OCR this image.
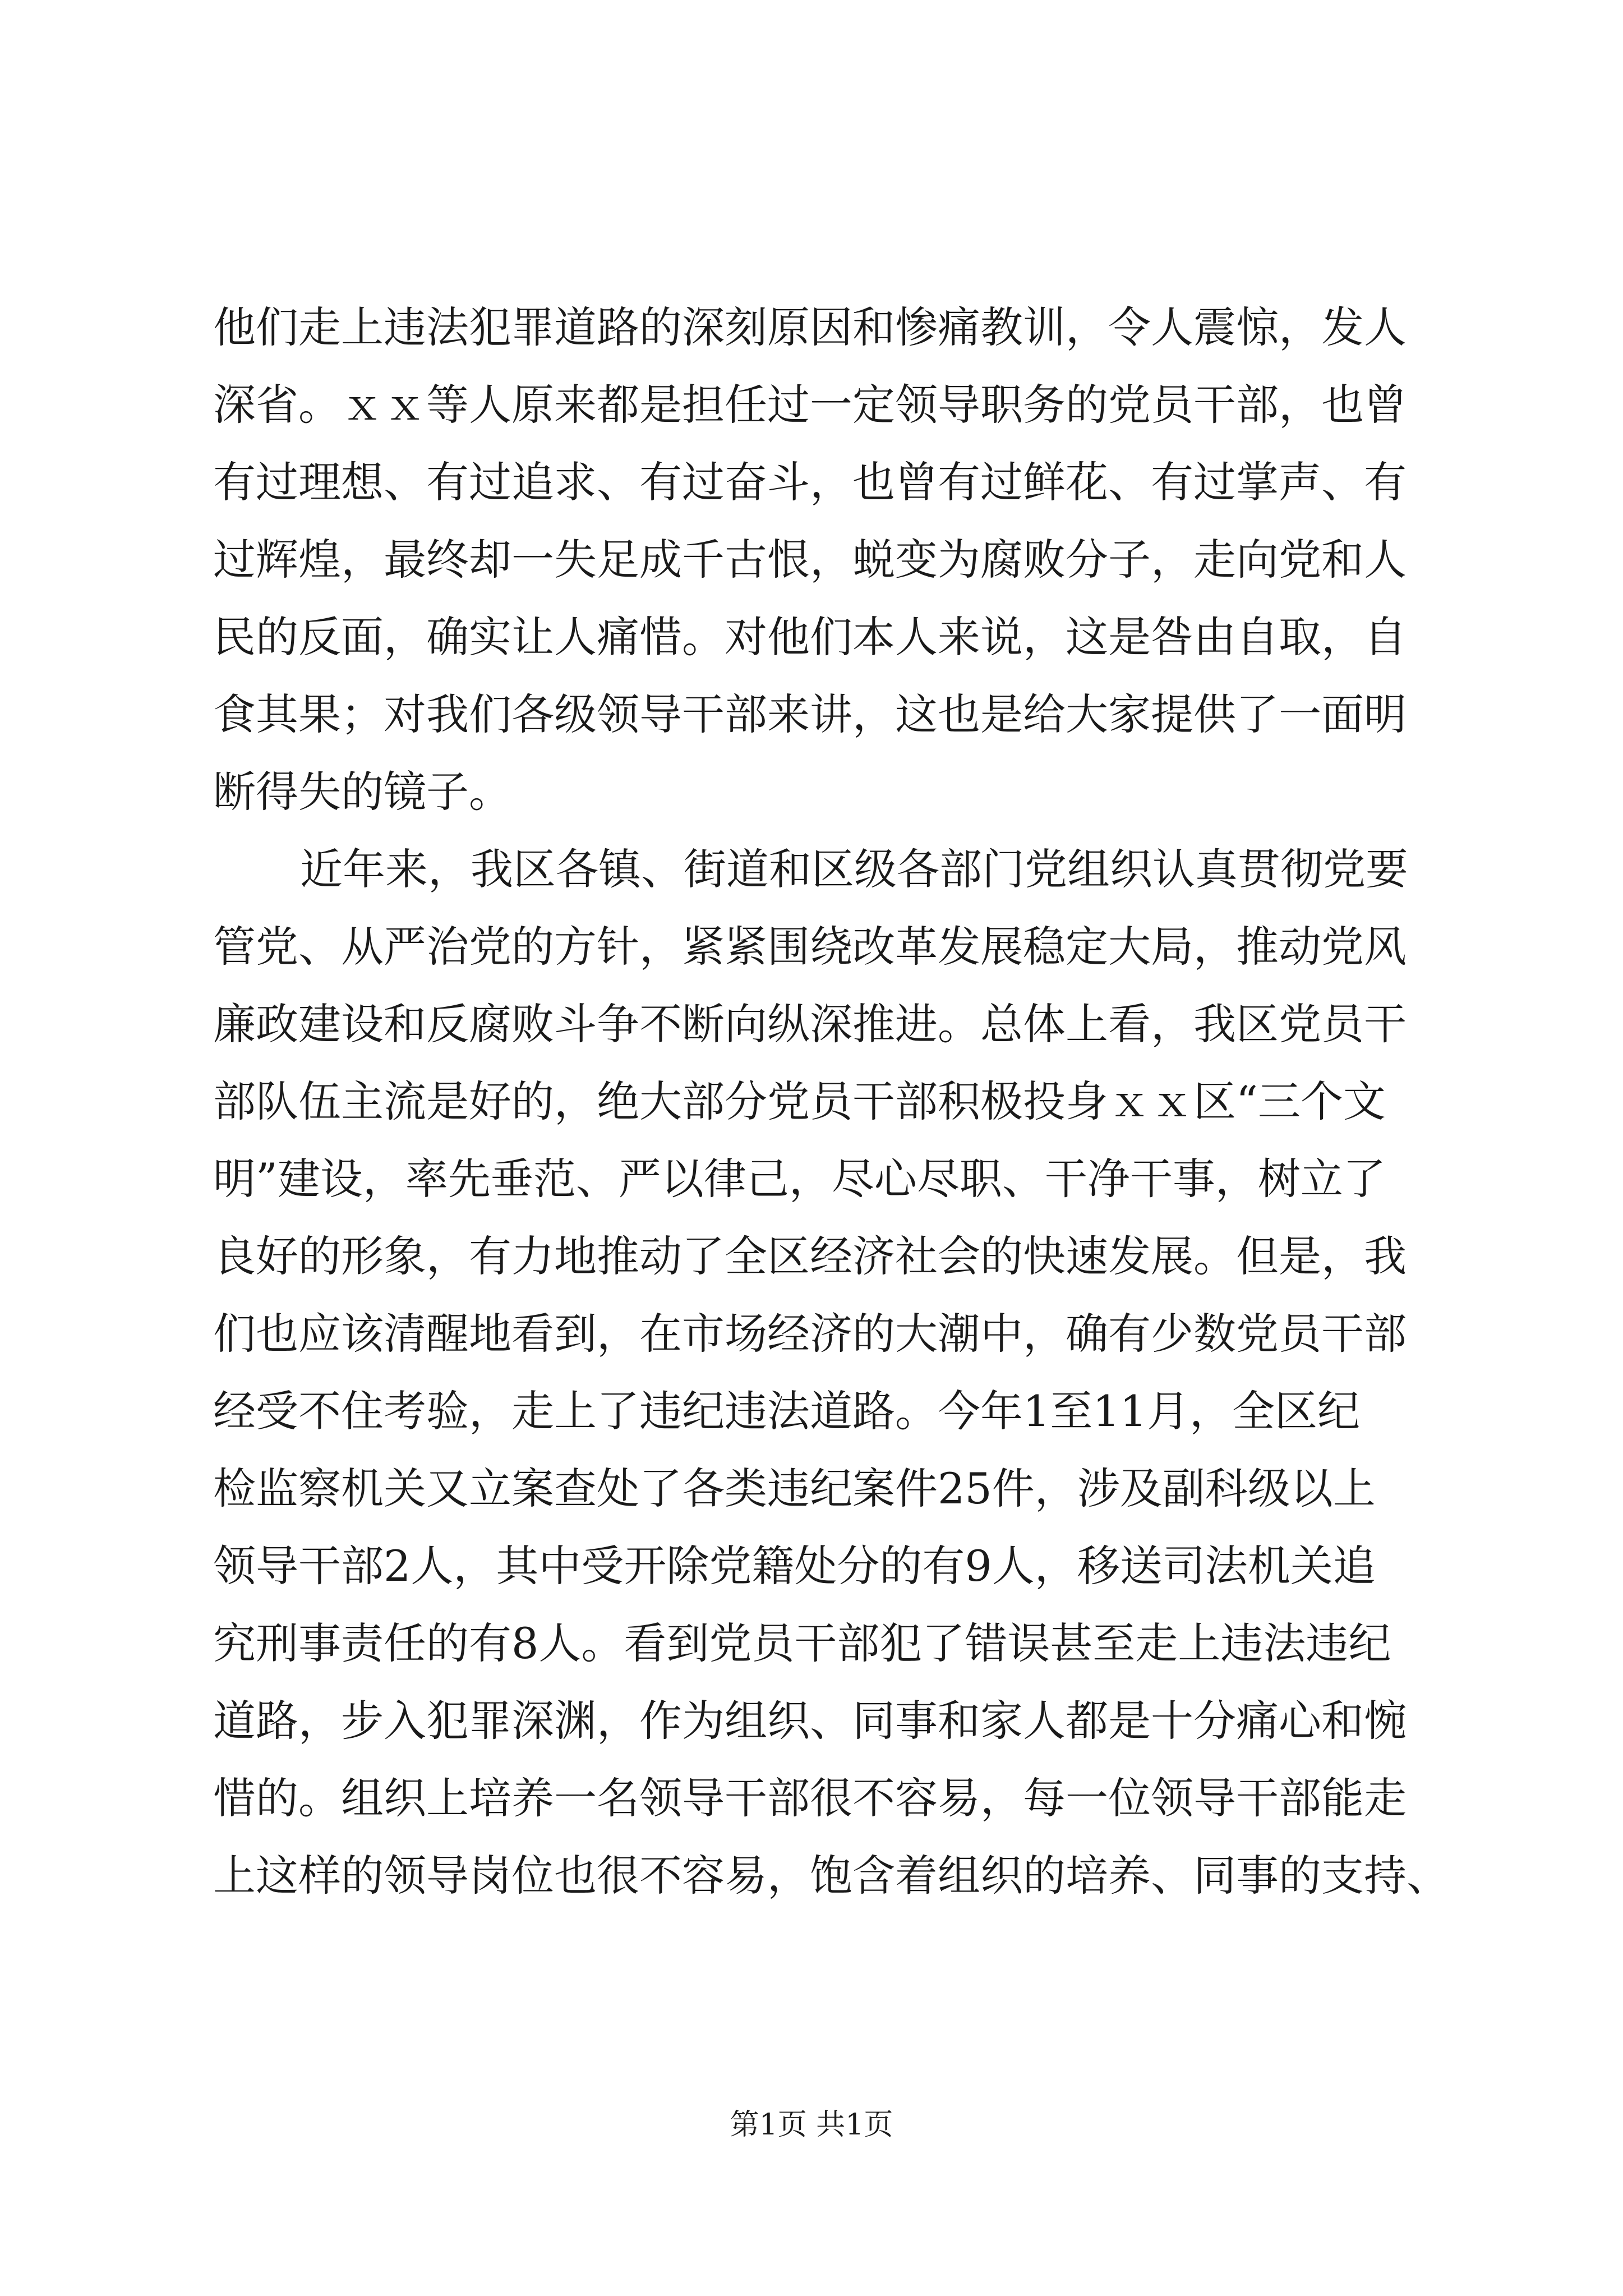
他们走上违法犯罪道路的深刻原因和惨痛教训，令人震惊，发人
深省。ｘｘ等人原来都是担任过一定领导职务的党员干部，也曾
有过理想、有过追求、有过奋斗，也曾有过鲜花、有过掌声、有
过辉煌，最终却一失足成千古恨，蜕变为腐败分子，走向党和人
民的反面，确实让人痛惜。对他们本人来说，这是咎由自取，自
食其果；对我们各级领导干部来讲，这也是给大家提供了一面明
断得失的镜子。
近年来，我区各镇、街道和区级各部门党组织认真贯彻党要
管党、从严治党的方针，紧紧围绕改革发展稳定大局，推动党风
廉政建设和反腐败斗争不断向纵深推进。总体上看，我区党员干
部队伍主流是好的，绝大部分党员干部积极投身ｘｘ区“三个文
明”建设，率先垂范、严以律己，尽心尽职、干净干事，树立了
良好的形象，有力地推动了全区经济社会的快速发展。但是，我
们也应该清醒地看到，在市场经济的大潮中，确有少数党员干部
经受不住考验，走上了违纪违法道路。今年1至11月，全区纪
检监察机关又立案查处了各类违纪案件25件，涉及副科级以上
领导干部2人，其中受开除党籍处分的有9人，移送司法机关追
究刑事责任的有8人。看到党员干部犯了错误甚至走上违法违纪
道路，步入犯罪深渊，作为组织、同事和家人都是十分痛心和惋
惜的。组织上培养一名领导干部很不容易，每一位领导干部能走
上这样的领导岗位也很不容易，饱含着组织的培养、同事的支持、
第1页 共1页
